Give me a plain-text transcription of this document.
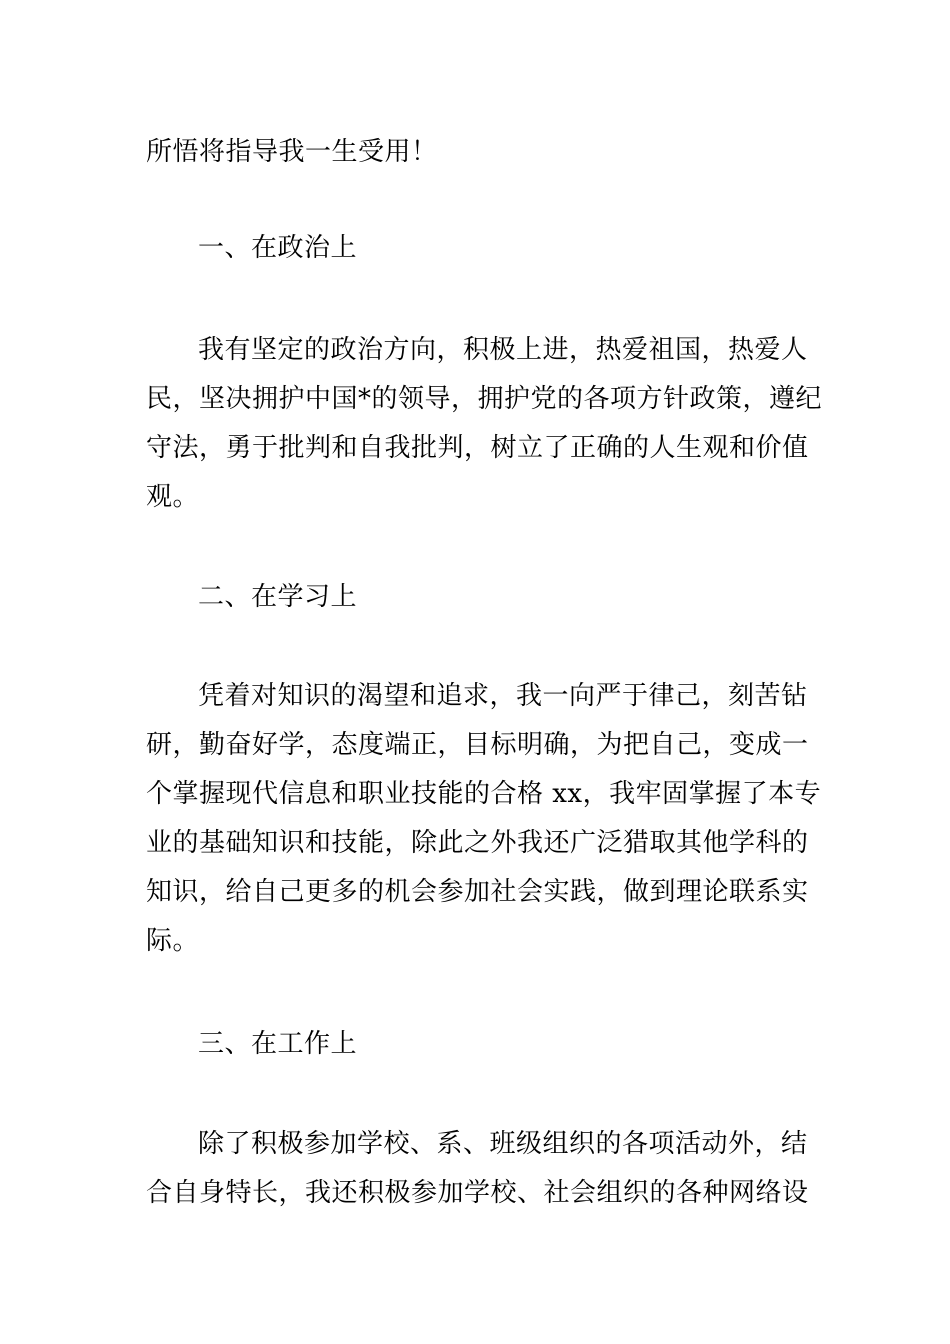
所悟将指导我一生受用！
一、在政治上
我有坚定的政治方向，积极上进，热爱祖国，热爱人
民，坚决拥护中国*的领导，拥护党的各项方针政策，遵纪
守法，勇于批判和自我批判，树立了正确的人生观和价值
观。
二、在学习上
凭着对知识的渴望和追求，我一向严于律己，刻苦钻
研，勤奋好学，态度端正，目标明确，为把自己，变成一
个掌握现代信息和职业技能的合格 xx，我牢固掌握了本专
业的基础知识和技能，除此之外我还广泛猎取其他学科的
知识，给自己更多的机会参加社会实践，做到理论联系实
际。
三、在工作上
除了积极参加学校、系、班级组织的各项活动外，结
合自身特长，我还积极参加学校、社会组织的各种网络设
